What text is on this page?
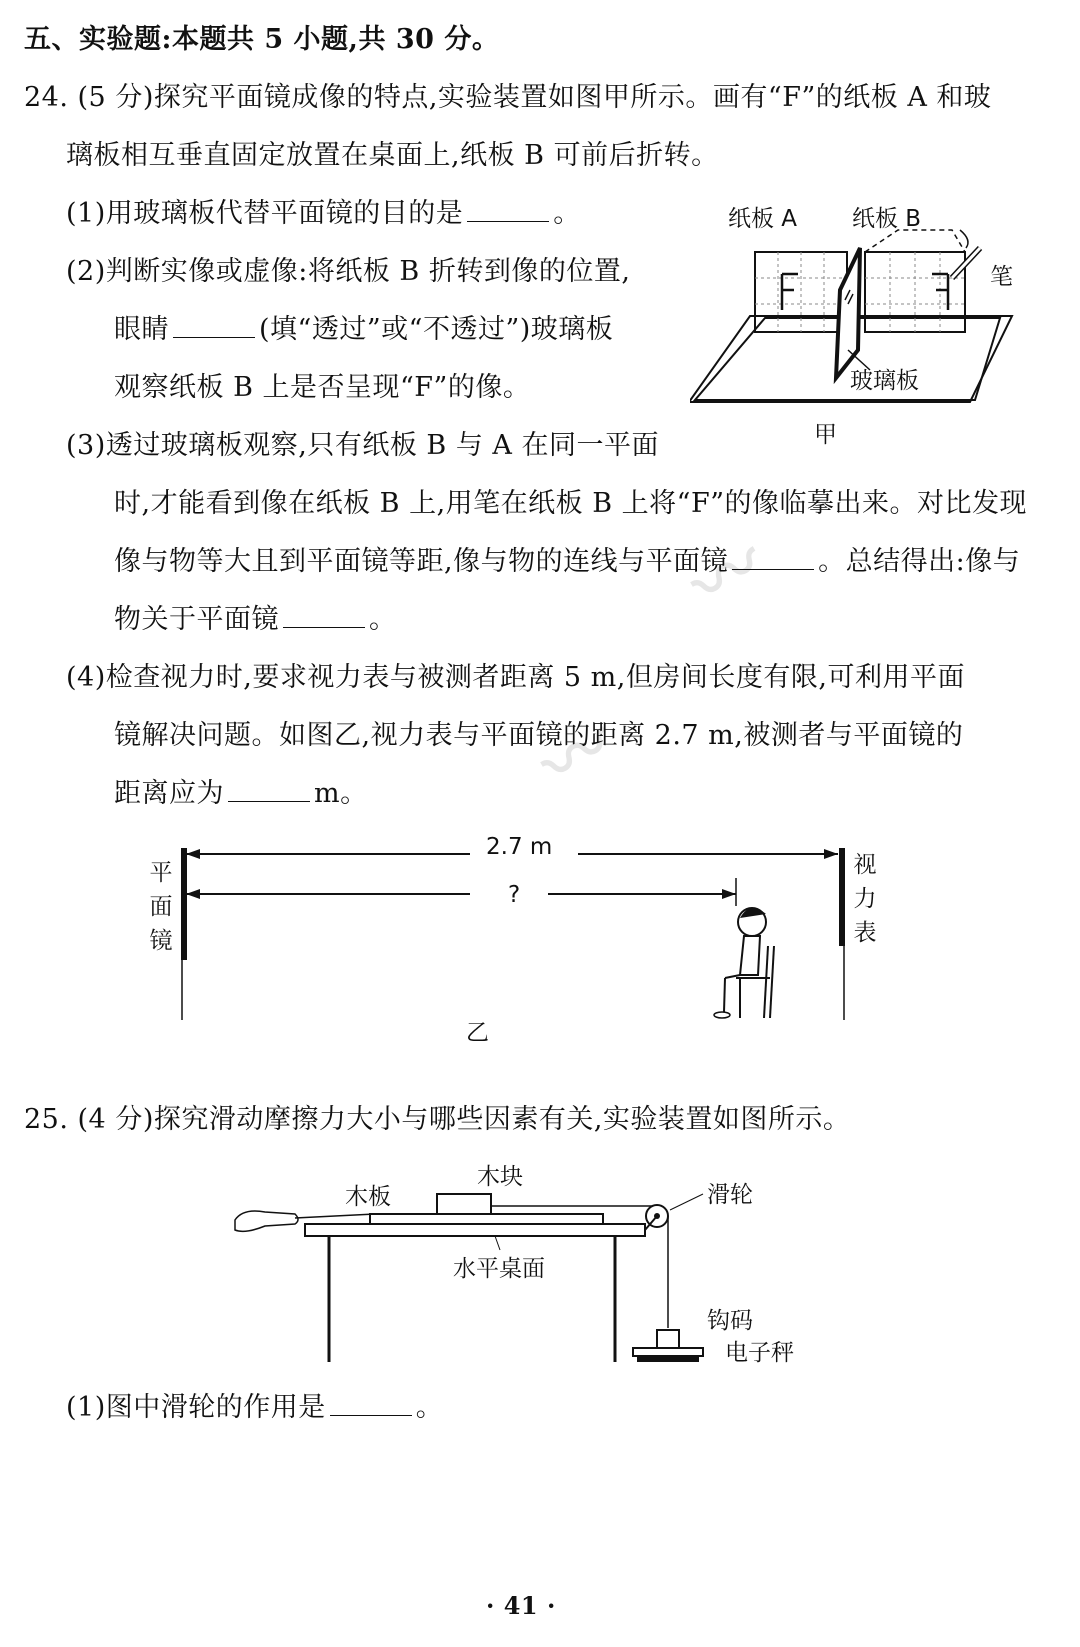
〰
〰
五、实验题:本题共 5 小题,共 30 分。
24. (5 分)探究平面镜成像的特点,实验装置如图甲所示。画有“F”的纸板 A 和玻
璃板相互垂直固定放置在桌面上,纸板 B 可前后折转。
(1)用玻璃板代替平面镜的目的是	。
(2)判断实像或虚像:将纸板 B 折转到像的位置,
眼睛	(填“透过”或“不透过”)玻璃板
观察纸板 B 上是否呈现“F”的像。
(3)透过玻璃板观察,只有纸板 B 与 A 在同一平面
时,才能看到像在纸板 B 上,用笔在纸板 B 上将“F”的像临摹出来。对比发现
像与物等大且到平面镜等距,像与物的连线与平面镜	。总结得出:像与
物关于平面镜	。
(4)检查视力时,要求视力表与被测者距离 5 m,但房间长度有限,可利用平面
镜解决问题。如图乙,视力表与平面镜的距离 2.7 m,被测者与平面镜的
距离应为	m。
纸板 A 纸板 B
笔
玻璃板
甲
2.7 m
?
乙
平面镜
视力表
25. (4 分)探究滑动摩擦力大小与哪些因素有关,实验装置如图所示。
木板
木块
滑轮
水平桌面
钩码
电子秤
(1)图中滑轮的作用是	。
· 41 ·
